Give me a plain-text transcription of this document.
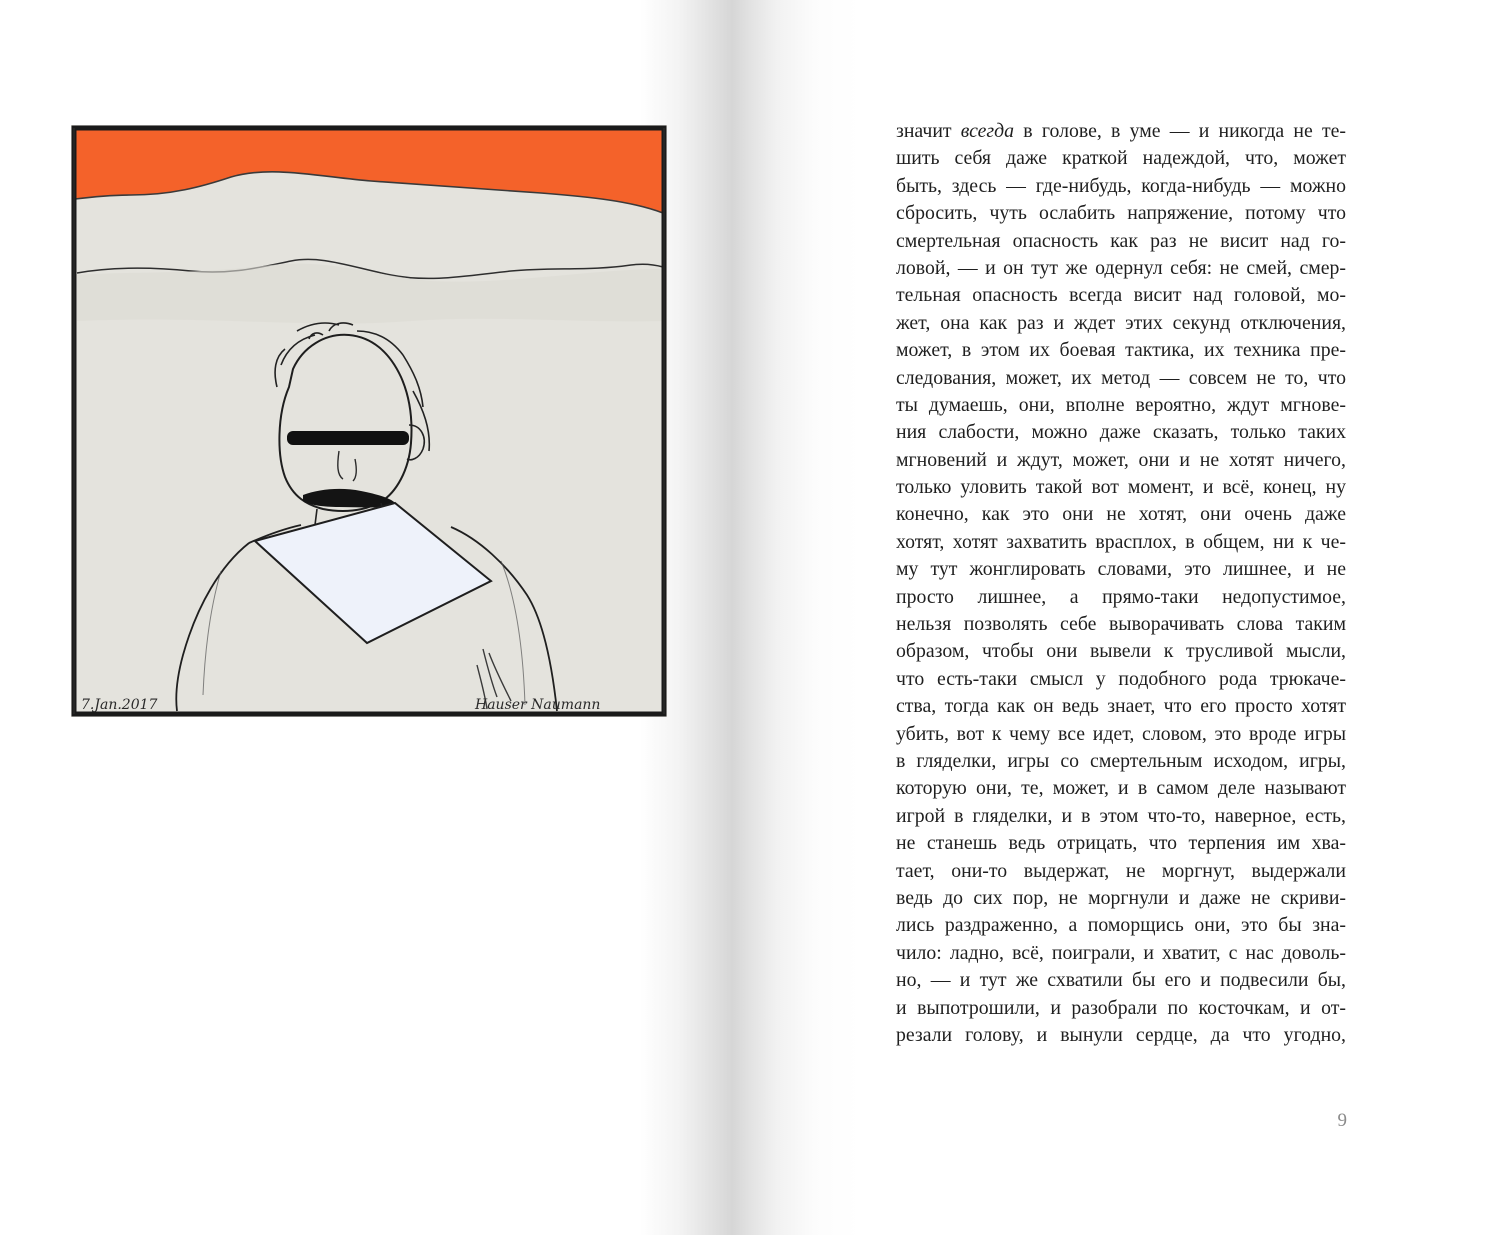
7.Jan.2017	Hauser Naumann
значит всегда в голове, в уме — и никогда не те-
шить себя даже краткой надеждой, что, может
быть, здесь — где-нибудь, когда-нибудь — можно
сбросить, чуть ослабить напряжение, потому что
смертельная опасность как раз не висит над го-
ловой, — и он тут же одернул себя: не смей, смер-
тельная опасность всегда висит над головой, мо-
жет, она как раз и ждет этих секунд отключения,
может, в этом их боевая тактика, их техника пре-
следования, может, их метод — совсем не то, что
ты думаешь, они, вполне вероятно, ждут мгнове-
ния слабости, можно даже сказать, только таких
мгновений и ждут, может, они и не хотят ничего,
только уловить такой вот момент, и всё, конец, ну
конечно, как это они не хотят, они очень даже
хотят, хотят захватить врасплох, в общем, ни к че-
му тут жонглировать словами, это лишнее, и не
просто лишнее, а прямо-таки недопустимое,
нельзя позволять себе выворачивать слова таким
образом, чтобы они вывели к трусливой мысли,
что есть-таки смысл у подобного рода трюкаче-
ства, тогда как он ведь знает, что его просто хотят
убить, вот к чему все идет, словом, это вроде игры
в гляделки, игры со смертельным исходом, игры,
которую они, те, может, и в самом деле называют
игрой в гляделки, и в этом что-то, наверное, есть,
не станешь ведь отрицать, что терпения им хва-
тает, они-то выдержат, не моргнут, выдержали
ведь до сих пор, не моргнули и даже не скриви-
лись раздраженно, а поморщись они, это бы зна-
чило: ладно, всё, поиграли, и хватит, с нас доволь-
но, — и тут же схватили бы его и подвесили бы,
и выпотрошили, и разобрали по косточкам, и от-
резали голову, и вынули сердце, да что угодно,
9
